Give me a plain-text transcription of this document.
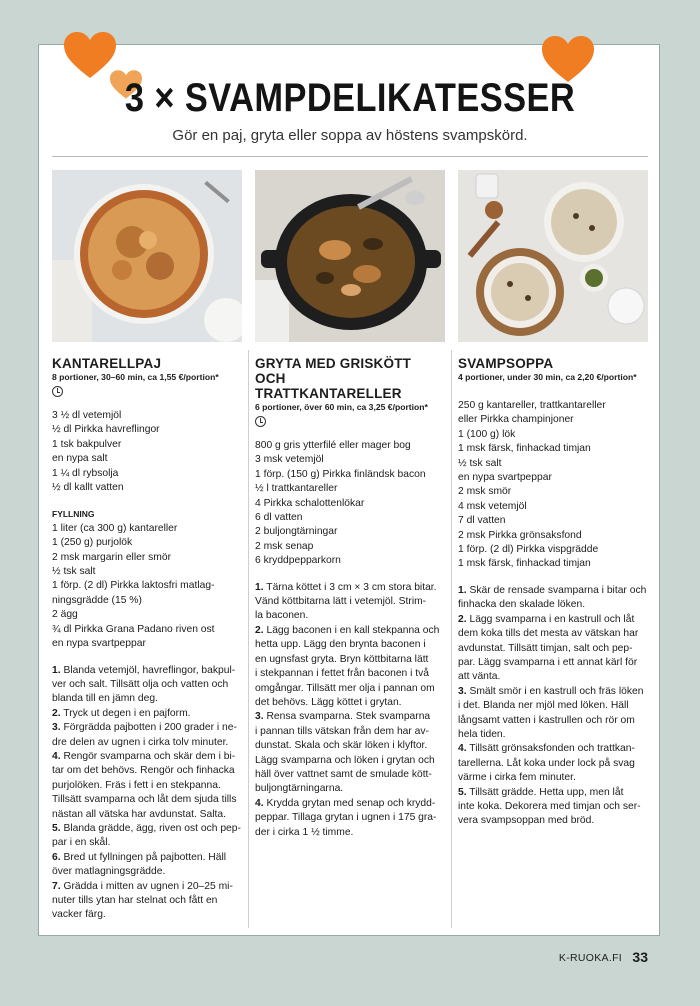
3 × SVAMPDELIKATESSER
Gör en paj, gryta eller soppa av höstens svampskörd.
KANTARELLPAJ
8 portioner, 30–60 min, ca 1,55 €/portion*
3 ½ dl vetemjöl
½ dl Pirkka havreflingor
1 tsk bakpulver
en nypa salt
1 ¼ dl rybsolja
½ dl kallt vatten
FYLLNING
1 liter (ca 300 g) kantareller
1 (250 g) purjolök
2 msk margarin eller smör
½ tsk salt
1 förp. (2 dl) Pirkka laktosfri matlag-
ningsgrädde (15 %)
2 ägg
¾ dl Pirkka Grana Padano riven ost
en nypa svartpeppar
1. Blanda vetemjöl, havreflingor, bakpul-
ver och salt. Tillsätt olja och vatten och
blanda till en jämn deg.
2. Tryck ut degen i en pajform.
3. Förgrädda pajbotten i 200 grader i ne-
dre delen av ugnen i cirka tolv minuter.
4. Rengör svamparna och skär dem i bi-
tar om det behövs. Rengör och finhacka
purjolöken. Fräs i fett i en stekpanna.
Tillsätt svamparna och låt dem sjuda tills
nästan all vätska har avdunstat. Salta.
5. Blanda grädde, ägg, riven ost och pep-
par i en skål.
6. Bred ut fyllningen på pajbotten. Häll
över matlagningsgrädde.
7. Grädda i mitten av ugnen i 20–25 mi-
nuter tills ytan har stelnat och fått en
vacker färg.
GRYTA MED GRISKÖTT OCH
TRATTKANTARELLER
6 portioner, över 60 min, ca 3,25 €/portion*
800 g gris ytterfilé eller mager bog
3 msk vetemjöl
1 förp. (150 g) Pirkka finländsk bacon
½ l trattkantareller
4 Pirkka schalottenlökar
6 dl vatten
2 buljongtärningar
2 msk senap
6 kryddpepparkorn
1. Tärna köttet i 3 cm × 3 cm stora bitar.
Vänd köttbitarna lätt i vetemjöl. Strim-
la baconen.
2. Lägg baconen i en kall stekpanna och
hetta upp. Lägg den brynta baconen i
en ugnsfast gryta. Bryn köttbitarna lätt
i stekpannan i fettet från baconen i två
omgångar. Tillsätt mer olja i pannan om
det behövs. Lägg köttet i grytan.
3. Rensa svamparna. Stek svamparna
i pannan tills vätskan från dem har av-
dunstat. Skala och skär löken i klyftor.
Lägg svamparna och löken i grytan och
häll över vattnet samt de smulade kött-
buljongtärningarna.
4. Krydda grytan med senap och krydd-
peppar. Tillaga grytan i ugnen i 175 gra-
der i cirka 1 ½ timme.
SVAMPSOPPA
4 portioner, under 30 min, ca 2,20 €/portion*
250 g kantareller, trattkantareller
eller Pirkka champinjoner
1 (100 g) lök
1 msk färsk, finhackad timjan
½ tsk salt
en nypa svartpeppar
2 msk smör
4 msk vetemjöl
7 dl vatten
2 msk Pirkka grönsaksfond
1 förp. (2 dl) Pirkka vispgrädde
1 msk färsk, finhackad timjan
1. Skär de rensade svamparna i bitar och
finhacka den skalade löken.
2. Lägg svamparna i en kastrull och låt
dem koka tills det mesta av vätskan har
avdunstat. Tillsätt timjan, salt och pep-
par. Lägg svamparna i ett annat kärl för
att vänta.
3. Smält smör i en kastrull och fräs löken
i det. Blanda ner mjöl med löken. Häll
långsamt vatten i kastrullen och rör om
hela tiden.
4. Tillsätt grönsaksfonden och trattkan-
tarellerna. Låt koka under lock på svag
värme i cirka fem minuter.
5. Tillsätt grädde. Hetta upp, men låt
inte koka. Dekorera med timjan och ser-
vera svampsoppan med bröd.
K-RUOKA.FI 33
